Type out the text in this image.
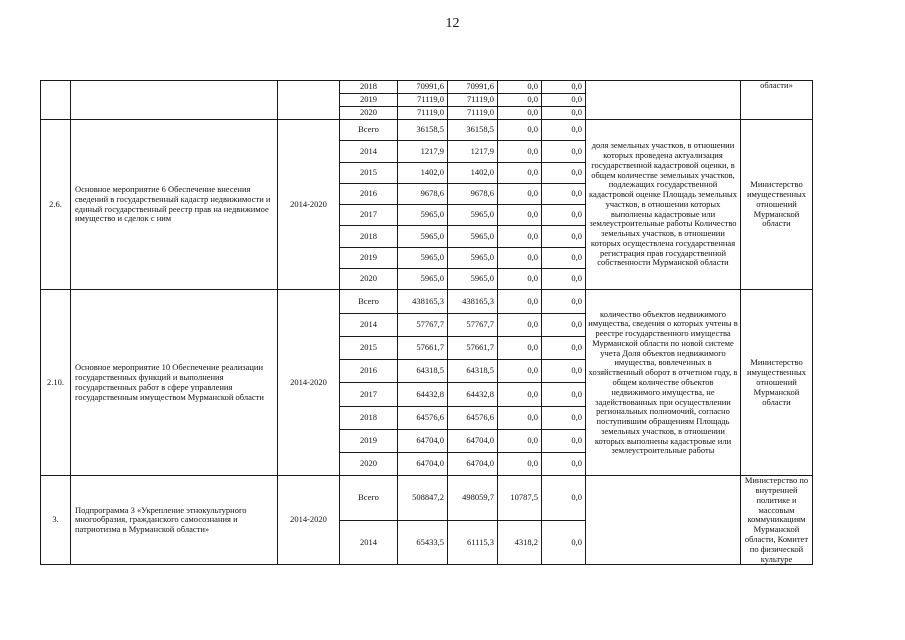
12
			2018	70991,6	70991,6	0,0	0,0		области»
			2019	71119,0	71119,0	0,0	0,0		
			2020	71119,0	71119,0	0,0	0,0		
2.6.	Основное мероприятие 6 Обеспечение внесения сведений в государственный кадастр недвижимости и единый государственный реестр прав на недвижимое имущество и сделок с ним	2014-2020	Всего	36158,5	36158,5	0,0	0,0	доля земельных участков, в отношении которых проведена актуализация государственной кадастровой оценки, в общем количестве земельных участков, подлежащих государственной кадастровой оценке Площадь земельных участков, в отношении которых выполнены кадастровые или землеустроительные работы Количество земельных участков, в отношении которых осуществлена государственная регистрация прав государственной собственности Мурманской области	Министерство имущественных отношений Мурманской области
			2014	1217,9	1217,9	0,0	0,0		
			2015	1402,0	1402,0	0,0	0,0		
			2016	9678,6	9678,6	0,0	0,0		
			2017	5965,0	5965,0	0,0	0,0		
			2018	5965,0	5965,0	0,0	0,0		
			2019	5965,0	5965,0	0,0	0,0		
			2020	5965,0	5965,0	0,0	0,0		
2.10.	Основное мероприятие 10 Обеспечение реализации государственных функций и выполнения государственных работ в сфере управления государственным имуществом Мурманской области	2014-2020	Всего	438165,3	438165,3	0,0	0,0	количество объектов недвижимого имущества, сведения о которых учтены в реестре государственного имущества Мурманской области по новой системе учета Доля объектов недвижимого имущества, вовлеченных в хозяйственный оборот в отчетном году, в общем количестве объектов недвижимого имущества, не задействованных при осуществлении региональных полномочий, согласно поступившим обращениям Площадь земельных участков, в отношении которых выполнены кадастровые или землеустроительные работы	Министерство имущественных отношений Мурманской области
			2014	57767,7	57767,7	0,0	0,0		
			2015	57661,7	57661,7	0,0	0,0		
			2016	64318,5	64318,5	0,0	0,0		
			2017	64432,8	64432,8	0,0	0,0		
			2018	64576,6	64576,6	0,0	0,0		
			2019	64704,0	64704,0	0,0	0,0		
			2020	64704,0	64704,0	0,0	0,0		
3.	Подпрограмма 3 «Укрепление этнокультурного многообразия, гражданского самосознания и патриотизма в Мурманской области»	2014-2020	Всего	508847,2	498059,7	10787,5	0,0		Министерство по внутренней политике и массовым коммуникациям Мурманской области, Комитет по физической культуре
			2014	65433,5	61115,3	4318,2	0,0		
